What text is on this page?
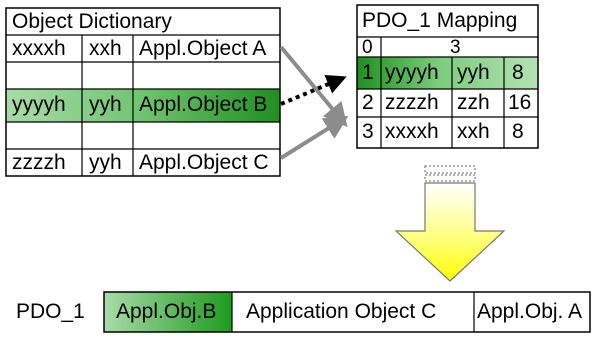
Object Dictionary
xxxxh xxh Appl.Object A
yyyyh yyh Appl.Object B
zzzzh yyh Appl.Object C
PDO_1 Mapping
0	3
1 yyyyh yyh 8
2 zzzzh zzh 16
3 xxxxh xxh 8
PDO_1 Appl.Obj.B Application Object C Appl.Obj. A
